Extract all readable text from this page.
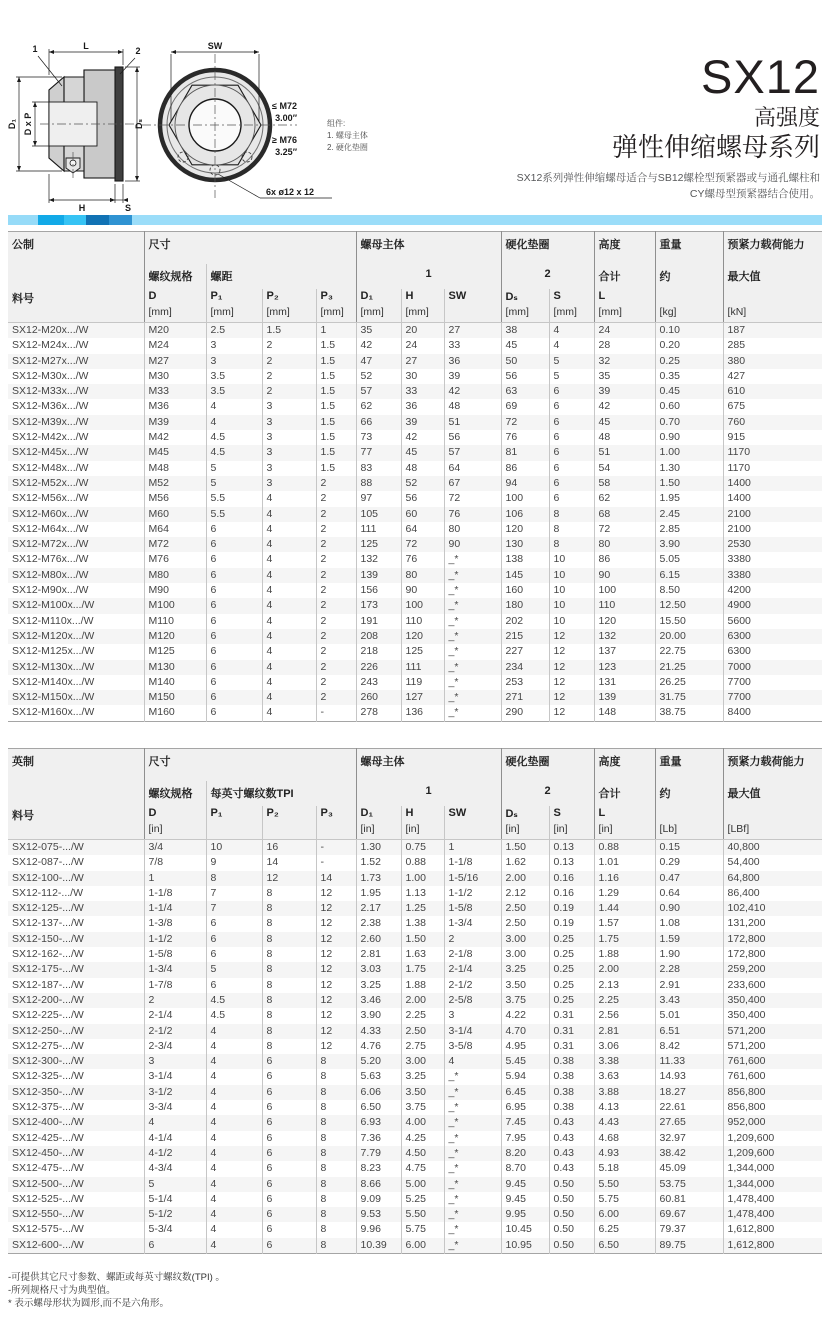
L
1	2
D₁ D x P	Dₛ
H	S
SW
≤ M72
3.00″
≥ M76
3.25″
6x ø12 x 12
组件:
1. 螺母主体
2. 硬化垫圈
SX12
高强度
弹性伸缩螺母系列
SX12系列弹性伸缩螺母适合与SB12螺栓型预紧器或与通孔螺柱和
CY螺母型预紧器结合使用。
公制	尺寸				螺母主体			硬化垫圈		高度	重量	预紧力载荷能力
	螺纹规格	螺距			1			2		合计	约	最大值
料号	D	P₁	P₂	P₃	D₁	H	SW	Dₛ	S	L		
	[mm]	[mm]	[mm]	[mm]	[mm]	[mm]		[mm]	[mm]	[mm]	[kg]	[kN]
SX12-M20x.../W	M20	2.5	1.5	1	35	20	27	38	4	24	0.10	187
SX12-M24x.../W	M24	3	2	1.5	42	24	33	45	4	28	0.20	285
SX12-M27x.../W	M27	3	2	1.5	47	27	36	50	5	32	0.25	380
SX12-M30x.../W	M30	3.5	2	1.5	52	30	39	56	5	35	0.35	427
SX12-M33x.../W	M33	3.5	2	1.5	57	33	42	63	6	39	0.45	610
SX12-M36x.../W	M36	4	3	1.5	62	36	48	69	6	42	0.60	675
SX12-M39x.../W	M39	4	3	1.5	66	39	51	72	6	45	0.70	760
SX12-M42x.../W	M42	4.5	3	1.5	73	42	56	76	6	48	0.90	915
SX12-M45x.../W	M45	4.5	3	1.5	77	45	57	81	6	51	1.00	1170
SX12-M48x.../W	M48	5	3	1.5	83	48	64	86	6	54	1.30	1170
SX12-M52x.../W	M52	5	3	2	88	52	67	94	6	58	1.50	1400
SX12-M56x.../W	M56	5.5	4	2	97	56	72	100	6	62	1.95	1400
SX12-M60x.../W	M60	5.5	4	2	105	60	76	106	8	68	2.45	2100
SX12-M64x.../W	M64	6	4	2	111	64	80	120	8	72	2.85	2100
SX12-M72x.../W	M72	6	4	2	125	72	90	130	8	80	3.90	2530
SX12-M76x.../W	M76	6	4	2	132	76	_*	138	10	86	5.05	3380
SX12-M80x.../W	M80	6	4	2	139	80	_*	145	10	90	6.15	3380
SX12-M90x.../W	M90	6	4	2	156	90	_*	160	10	100	8.50	4200
SX12-M100x.../W	M100	6	4	2	173	100	_*	180	10	110	12.50	4900
SX12-M110x.../W	M110	6	4	2	191	110	_*	202	10	120	15.50	5600
SX12-M120x.../W	M120	6	4	2	208	120	_*	215	12	132	20.00	6300
SX12-M125x.../W	M125	6	4	2	218	125	_*	227	12	137	22.75	6300
SX12-M130x.../W	M130	6	4	2	226	111	_*	234	12	123	21.25	7000
SX12-M140x.../W	M140	6	4	2	243	119	_*	253	12	131	26.25	7700
SX12-M150x.../W	M150	6	4	2	260	127	_*	271	12	139	31.75	7700
SX12-M160x.../W	M160	6	4	-	278	136	_*	290	12	148	38.75	8400
英制	尺寸				螺母主体			硬化垫圈		高度	重量	预紧力载荷能力
	螺纹规格	每英寸螺纹数TPI			1			2		合计	约	最大值
料号	D	P₁	P₂	P₃	D₁	H	SW	Dₛ	S	L		
	[in]				[in]	[in]		[in]	[in]	[in]	[Lb]	[LBf]
SX12-075-.../W	3/4	10	16	-	1.30	0.75	1	1.50	0.13	0.88	0.15	40,800
SX12-087-.../W	7/8	9	14	-	1.52	0.88	1-1/8	1.62	0.13	1.01	0.29	54,400
SX12-100-.../W	1	8	12	14	1.73	1.00	1-5/16	2.00	0.16	1.16	0.47	64,800
SX12-112-.../W	1-1/8	7	8	12	1.95	1.13	1-1/2	2.12	0.16	1.29	0.64	86,400
SX12-125-.../W	1-1/4	7	8	12	2.17	1.25	1-5/8	2.50	0.19	1.44	0.90	102,410
SX12-137-.../W	1-3/8	6	8	12	2.38	1.38	1-3/4	2.50	0.19	1.57	1.08	131,200
SX12-150-.../W	1-1/2	6	8	12	2.60	1.50	2	3.00	0.25	1.75	1.59	172,800
SX12-162-.../W	1-5/8	6	8	12	2.81	1.63	2-1/8	3.00	0.25	1.88	1.90	172,800
SX12-175-.../W	1-3/4	5	8	12	3.03	1.75	2-1/4	3.25	0.25	2.00	2.28	259,200
SX12-187-.../W	1-7/8	6	8	12	3.25	1.88	2-1/2	3.50	0.25	2.13	2.91	233,600
SX12-200-.../W	2	4.5	8	12	3.46	2.00	2-5/8	3.75	0.25	2.25	3.43	350,400
SX12-225-.../W	2-1/4	4.5	8	12	3.90	2.25	3	4.22	0.31	2.56	5.01	350,400
SX12-250-.../W	2-1/2	4	8	12	4.33	2.50	3-1/4	4.70	0.31	2.81	6.51	571,200
SX12-275-.../W	2-3/4	4	8	12	4.76	2.75	3-5/8	4.95	0.31	3.06	8.42	571,200
SX12-300-.../W	3	4	6	8	5.20	3.00	4	5.45	0.38	3.38	11.33	761,600
SX12-325-.../W	3-1/4	4	6	8	5.63	3.25	_*	5.94	0.38	3.63	14.93	761,600
SX12-350-.../W	3-1/2	4	6	8	6.06	3.50	_*	6.45	0.38	3.88	18.27	856,800
SX12-375-.../W	3-3/4	4	6	8	6.50	3.75	_*	6.95	0.38	4.13	22.61	856,800
SX12-400-.../W	4	4	6	8	6.93	4.00	_*	7.45	0.43	4.43	27.65	952,000
SX12-425-.../W	4-1/4	4	6	8	7.36	4.25	_*	7.95	0.43	4.68	32.97	1,209,600
SX12-450-.../W	4-1/2	4	6	8	7.79	4.50	_*	8.20	0.43	4.93	38.42	1,209,600
SX12-475-.../W	4-3/4	4	6	8	8.23	4.75	_*	8.70	0.43	5.18	45.09	1,344,000
SX12-500-.../W	5	4	6	8	8.66	5.00	_*	9.45	0.50	5.50	53.75	1,344,000
SX12-525-.../W	5-1/4	4	6	8	9.09	5.25	_*	9.45	0.50	5.75	60.81	1,478,400
SX12-550-.../W	5-1/2	4	6	8	9.53	5.50	_*	9.95	0.50	6.00	69.67	1,478,400
SX12-575-.../W	5-3/4	4	6	8	9.96	5.75	_*	10.45	0.50	6.25	79.37	1,612,800
SX12-600-.../W	6	4	6	8	10.39	6.00	_*	10.95	0.50	6.50	89.75	1,612,800
-可提供其它尺寸参数、螺距或每英寸螺纹数(TPI) 。
-所列规格尺寸为典型值。
* 表示螺母形状为圆形,而不是六角形。
